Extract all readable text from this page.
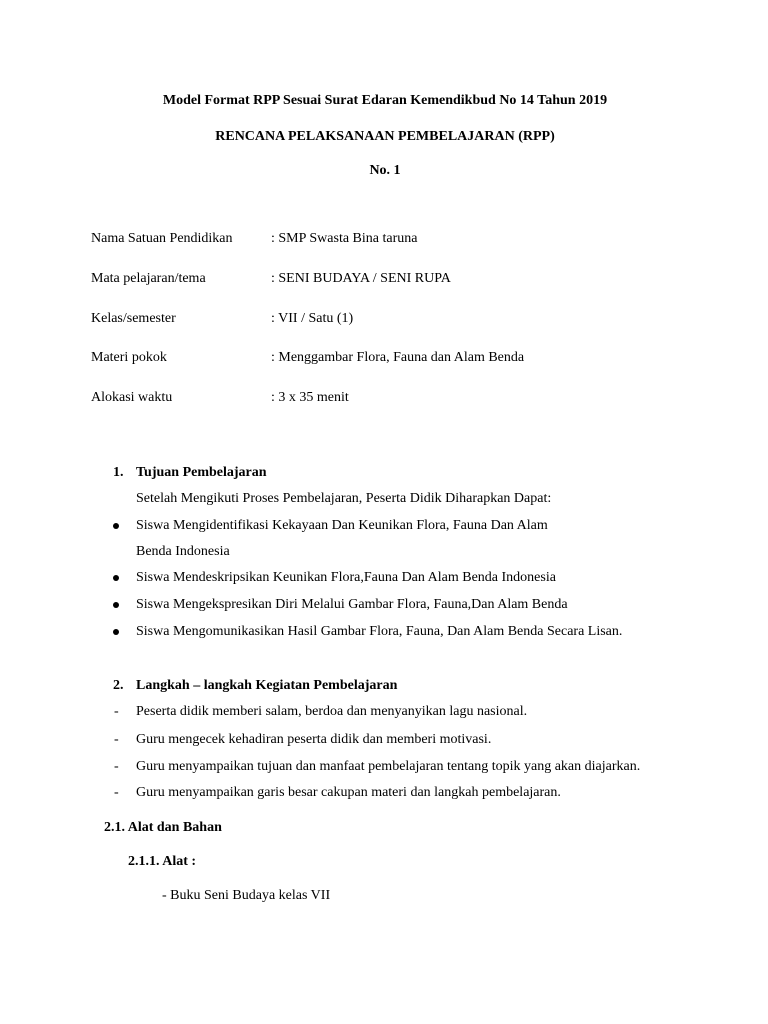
Model Format RPP Sesuai Surat Edaran Kemendikbud No 14 Tahun 2019
RENCANA PELAKSANAAN PEMBELAJARAN (RPP)
No. 1
Nama Satuan Pendidikan	: SMP Swasta Bina taruna
Mata pelajaran/tema	: SENI BUDAYA / SENI RUPA
Kelas/semester	: VII / Satu (1)
Materi pokok	: Menggambar Flora, Fauna dan Alam Benda
Alokasi waktu	: 3 x 35 menit
1. Tujuan Pembelajaran
Setelah Mengikuti Proses Pembelajaran, Peserta Didik Diharapkan Dapat:
Siswa Mengidentifikasi Kekayaan Dan Keunikan Flora, Fauna Dan Alam
Benda Indonesia
Siswa Mendeskripsikan Keunikan Flora,Fauna Dan Alam Benda Indonesia
Siswa Mengekspresikan Diri Melalui Gambar Flora, Fauna,Dan Alam Benda
Siswa Mengomunikasikan Hasil Gambar Flora, Fauna, Dan Alam Benda Secara Lisan.
2. Langkah – langkah Kegiatan Pembelajaran
- Peserta didik memberi salam, berdoa dan menyanyikan lagu nasional.
- Guru mengecek kehadiran peserta didik dan memberi motivasi.
- Guru menyampaikan tujuan dan manfaat pembelajaran tentang topik yang akan diajarkan.
- Guru menyampaikan garis besar cakupan materi dan langkah pembelajaran.
2.1. Alat dan Bahan
2.1.1. Alat :
- Buku Seni Budaya kelas VII
